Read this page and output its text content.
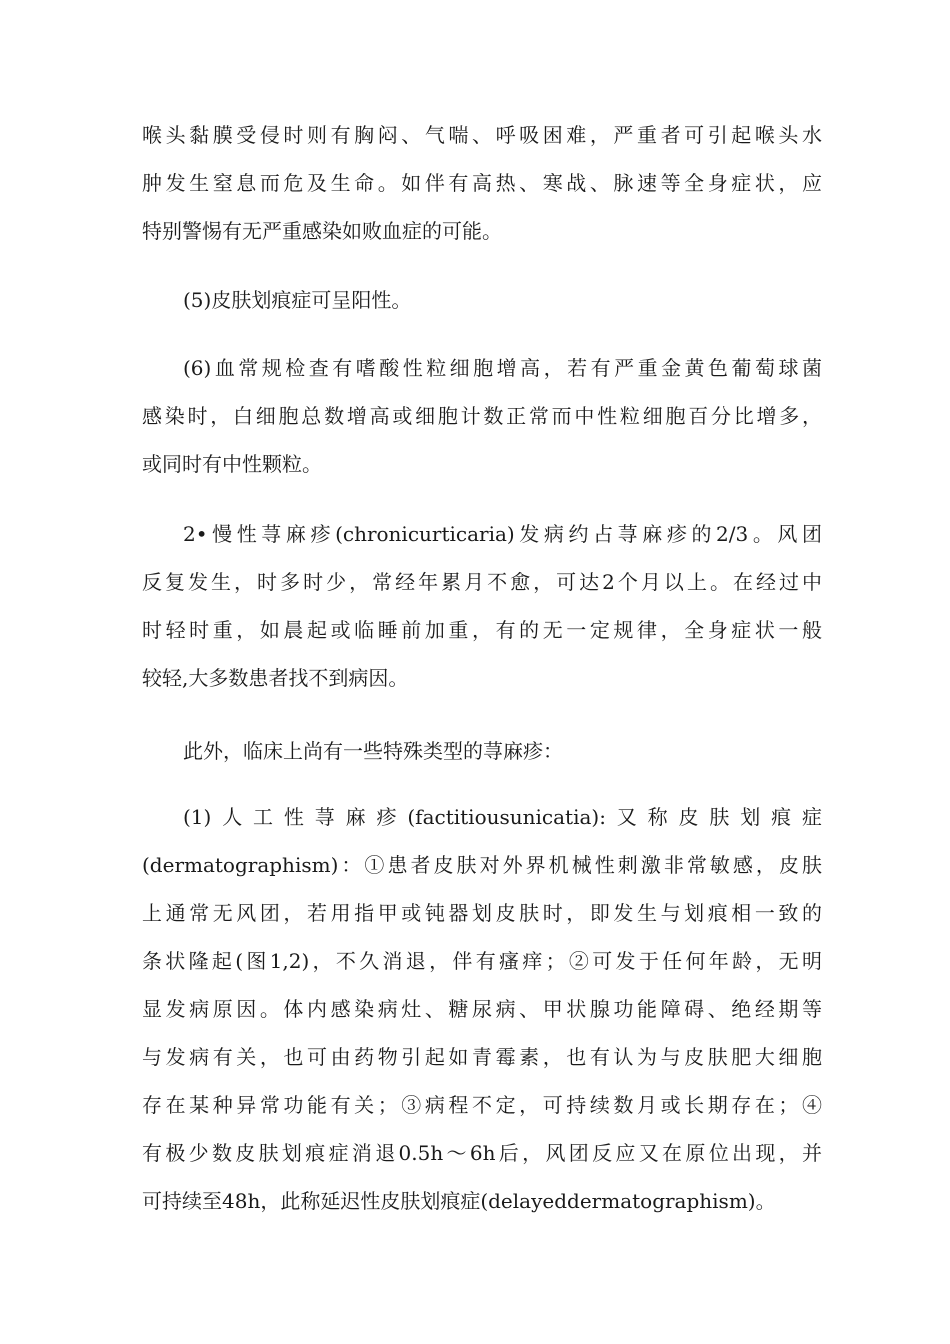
喉头黏膜受侵时则有胸闷、气喘、呼吸困难，严重者可引起喉头水
肿发生窒息而危及生命。如伴有高热、寒战、脉速等全身症状，应
特别警惕有无严重感染如败血症的可能。
(5)皮肤划痕症可呈阳性。
(6)血常规检查有嗜酸性粒细胞增高，若有严重金黄色葡萄球菌
感染时，白细胞总数增高或细胞计数正常而中性粒细胞百分比增多，
或同时有中性颗粒。
2•慢性荨麻疹(chronicurticaria)发病约占荨麻疹的2/3。风团
反复发生，时多时少，常经年累月不愈，可达2个月以上。在经过中
时轻时重，如晨起或临睡前加重，有的无一定规律，全身症状一般
较轻,大多数患者找不到病因。
此外，临床上尚有一些特殊类型的荨麻疹：
(1)人工性荨麻疹(factitiousunicatia):又称皮肤划痕症
(dermatographism)：①患者皮肤对外界机械性刺激非常敏感，皮肤
上通常无风团，若用指甲或钝器划皮肤时，即发生与划痕相一致的
条状隆起(图1,2)，不久消退，伴有瘙痒；②可发于任何年龄，无明
显发病原因。体内感染病灶、糖尿病、甲状腺功能障碍、绝经期等
与发病有关，也可由药物引起如青霉素，也有认为与皮肤肥大细胞
存在某种异常功能有关；③病程不定，可持续数月或长期存在；④
有极少数皮肤划痕症消退0.5h〜6h后，风团反应又在原位出现，并
可持续至48h，此称延迟性皮肤划痕症(delayeddermatographism)。
